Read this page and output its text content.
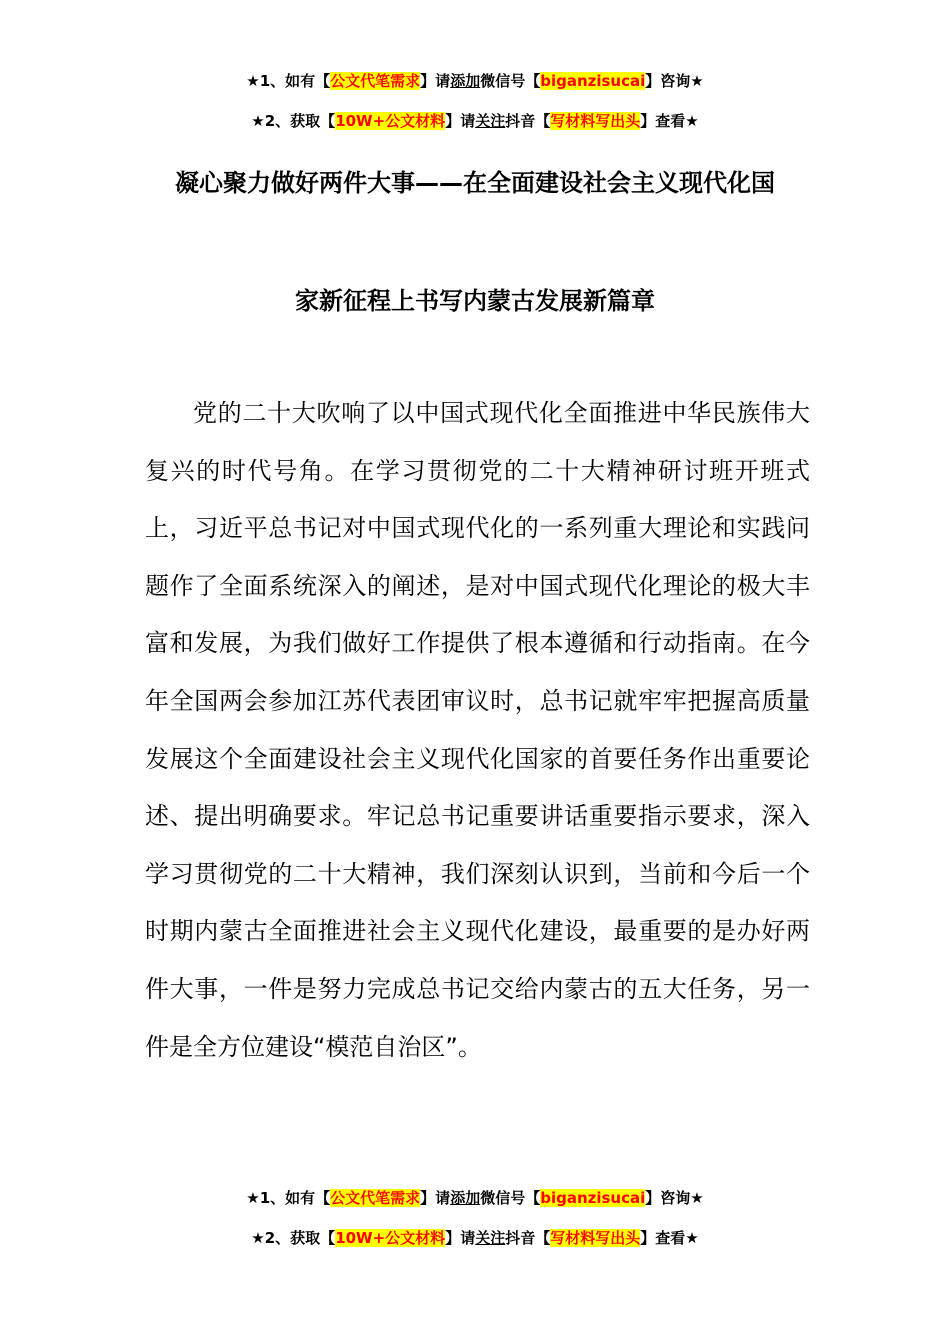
★1、如有【公文代笔需求】请添加微信号【biganzisucai】咨询★
★2、获取【10W+公文材料】请关注抖音【写材料写出头】查看★
凝心聚力做好两件大事——在全面建设社会主义现代化国
家新征程上书写内蒙古发展新篇章

党的二十大吹响了以中国式现代化全面推进中华民族伟大复兴的时代号角。在学习贯彻党的二十大精神研讨班开班式上，习近平总书记对中国式现代化的一系列重大理论和实践问题作了全面系统深入的阐述，是对中国式现代化理论的极大丰富和发展，为我们做好工作提供了根本遵循和行动指南。在今年全国两会参加江苏代表团审议时，总书记就牢牢把握高质量发展这个全面建设社会主义现代化国家的首要任务作出重要论述、提出明确要求。牢记总书记重要讲话重要指示要求，深入学习贯彻党的二十大精神，我们深刻认识到，当前和今后一个时期内蒙古全面推进社会主义现代化建设，最重要的是办好两件大事，一件是努力完成总书记交给内蒙古的五大任务，另一件是全方位建设“模范自治区”。

★1、如有【公文代笔需求】请添加微信号【biganzisucai】咨询★
★2、获取【10W+公文材料】请关注抖音【写材料写出头】查看★
